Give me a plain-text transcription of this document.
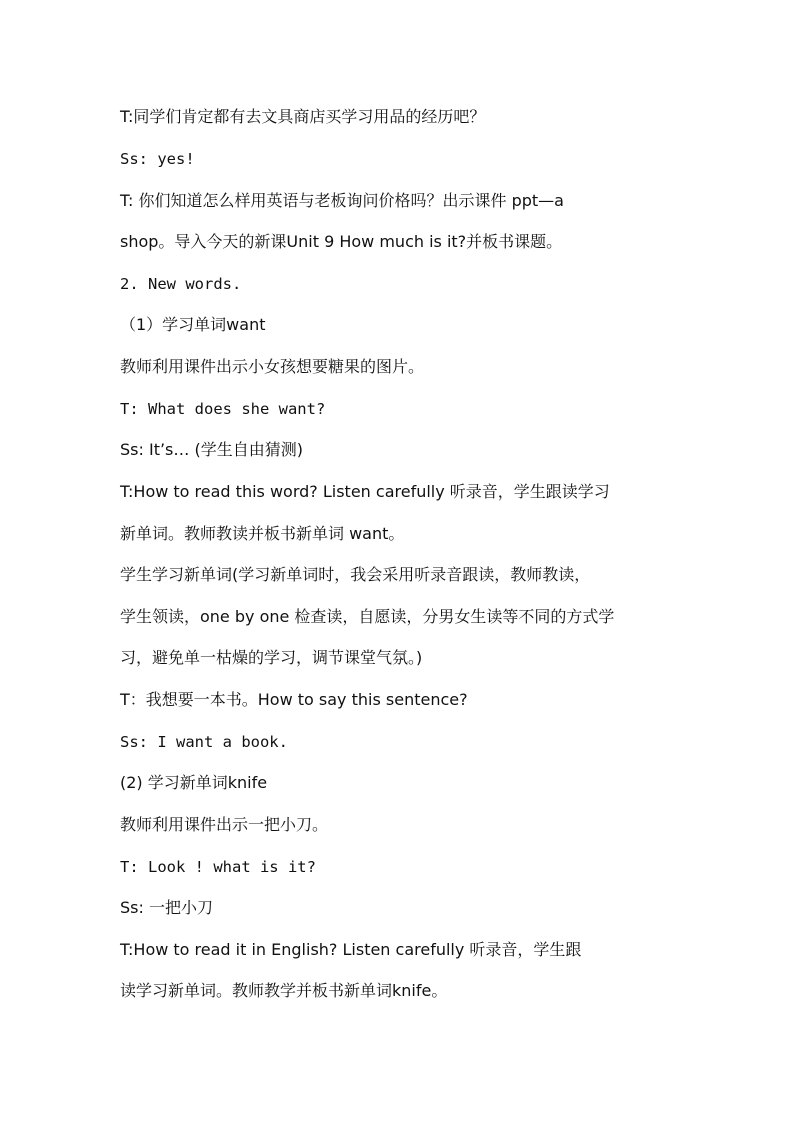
T:同学们肯定都有去文具商店买学习用品的经历吧？
Ss: yes!
T: 你们知道怎么样用英语与老板询问价格吗？出示课件 ppt—a
shop。导入今天的新课Unit 9 How much is it?并板书课题。
2. New words.
（1）学习单词want
教师利用课件出示小女孩想要糖果的图片。
T: What does she want?
Ss: It’s… (学生自由猜测)
T:How to read this word? Listen carefully 听录音，学生跟读学习
新单词。教师教读并板书新单词 want。
学生学习新单词(学习新单词时，我会采用听录音跟读，教师教读，
学生领读，one by one 检查读，自愿读，分男女生读等不同的方式学
习，避免单一枯燥的学习，调节课堂气氛。)
T：我想要一本书。How to say this sentence?
Ss: I want a book.
(2) 学习新单词knife
教师利用课件出示一把小刀。
T: Look ! what is it?
Ss: 一把小刀
T:How to read it in English? Listen carefully 听录音，学生跟
读学习新单词。教师教学并板书新单词knife。
